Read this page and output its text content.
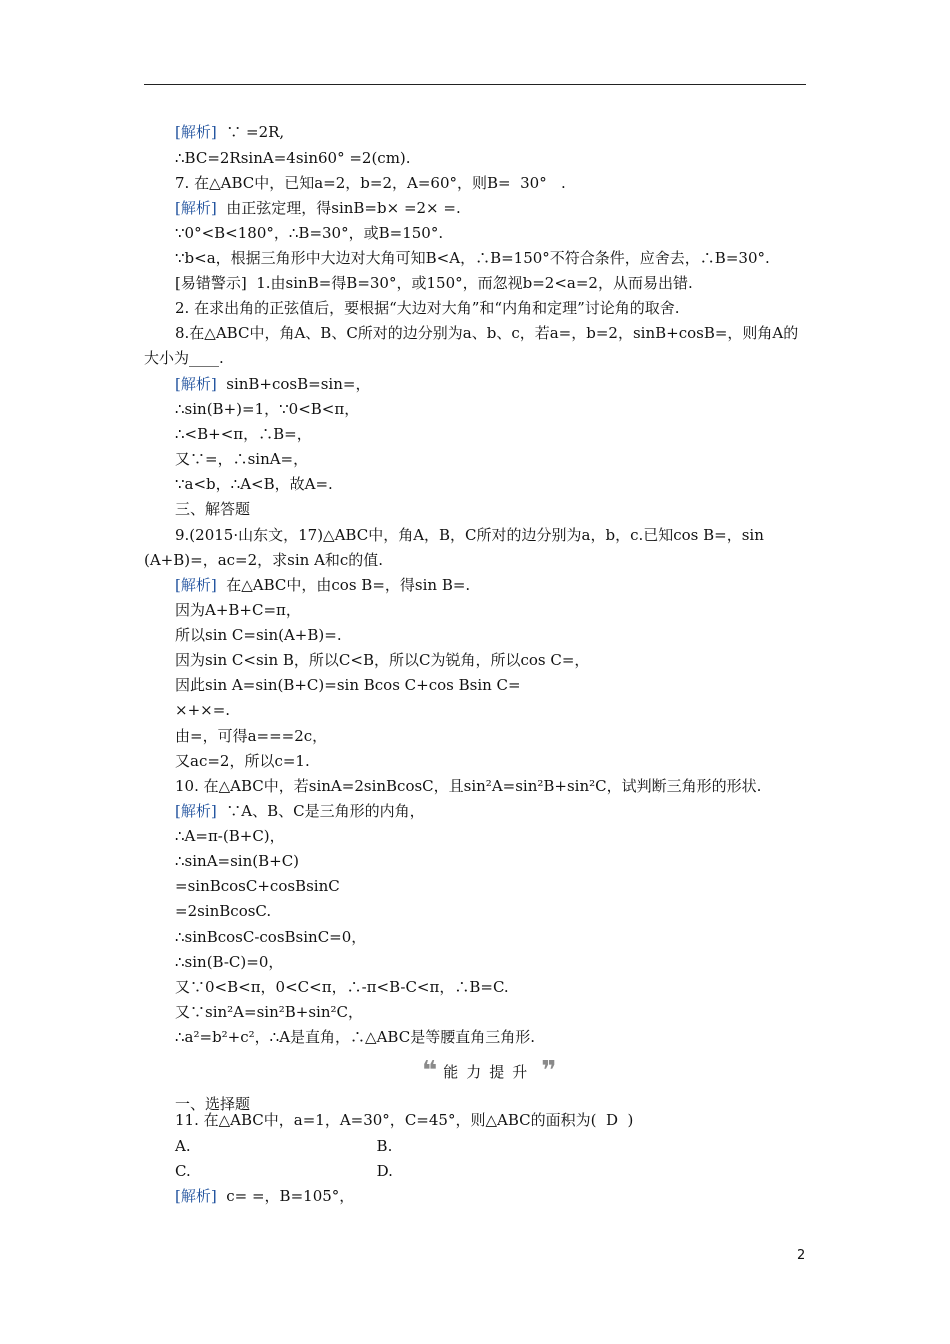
[解析]  ∵ =2R,
∴BC=2RsinA=4sin60° =2(cm).
7. 在△ABC中，已知a=2，b=2，A=60°，则B=  30°   .
[解析]  由正弦定理，得sinB=b× =2× =.
∵0°<B<180°，∴B=30°，或B=150°.
∵b<a，根据三角形中大边对大角可知B<A，∴B=150°不符合条件，应舍去，∴B=30°.
[易错警示]  1.由sinB=得B=30°，或150°，而忽视b=2<a=2，从而易出错.
2. 在求出角的正弦值后，要根据“大边对大角”和“内角和定理”讨论角的取舍.
8.在△ABC中，角A、B、C所对的边分别为a、b、c，若a=，b=2，sinB+cosB=，则角A的
大小为____.
[解析]  sinB+cosB=sin=，
∴sin(B+)=1，∵0<B<π，
∴<B+<π，∴B=，
又∵=，∴sinA=，
∵a<b，∴A<B，故A=.
三、解答题
9.(2015·山东文，17)△ABC中，角A，B，C所对的边分别为a，b，c.已知cos B=，sin
(A+B)=，ac=2，求sin A和c的值.
[解析]  在△ABC中，由cos B=，得sin B=.
因为A+B+C=π，
所以sin C=sin(A+B)=.
因为sin C<sin B，所以C<B，所以C为锐角，所以cos C=，
因此sin A=sin(B+C)=sin Bcos C+cos Bsin C=
×+×=.
由=，可得a===2c，
又ac=2，所以c=1.
10. 在△ABC中，若sinA=2sinBcosC，且sin²A=sin²B+sin²C，试判断三角形的形状.
[解析]  ∵A、B、C是三角形的内角，
∴A=π-(B+C)，
∴sinA=sin(B+C)
=sinBcosC+cosBsinC
=2sinBcosC.
∴sinBcosC-cosBsinC=0，
∴sin(B-C)=0，
又∵0<B<π，0<C<π，∴-π<B-C<π，∴B=C.
又∵sin²A=sin²B+sin²C，
∴a²=b²+c²，∴A是直角，∴△ABC是等腰直角三角形.
一、选择题
11. 在△ABC中，a=1，A=30°，C=45°，则△ABC的面积为(  D  )
A.                                       B.
C.                                       D.
[解析]  c= =，B=105°，
❝ 能力提升 ❞
2
